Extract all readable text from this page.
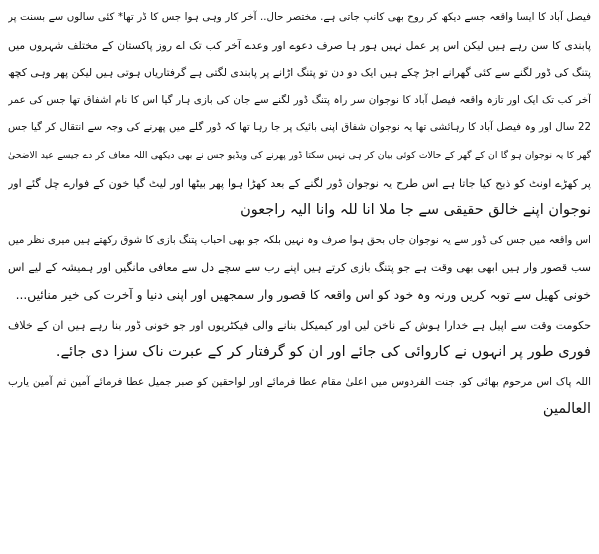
فیصل آباد کا ایسا واقعہ جسے دیکھ کر روح بھی کانپ جاتی ہے. مختصر حال.. آخر کار وہی ہوا جس کا ڈر تھا* کئی سالوں سے بسنت پر
پابندی کا سن رہے ہیں لیکن اس پر عمل نہیں ہور ہا صرف دعوے اور وعدے آخر کب تک اے روز پاکستان کے مختلف شہروں میں
پتنگ کی ڈور لگنے سے کئی گھرانے اجڑ چکے ہیں ایک دو دن تو پتنگ اڑانے پر پابندی لگتی ہے گرفتاریاں ہوتی ہیں لیکن پھر وہی کچھ
آخر کب تک ایک اور تازہ واقعہ فیصل آباد کا نوجوان سر راہ پتنگ ڈور لگنے سے جان کی بازی ہار گیا اس کا نام اشفاق تھا جس کی عمر
22 سال اور وہ فیصل آباد کا رہائشی تھا یہ نوجوان شفاق اپنی بائیک پر جا رہا تھا کہ ڈور گلے میں پھرنے کی وجہ سے انتقال کر گیا جس
گھر کا یہ نوجوان ہو گا ان کے گھر کے حالات کوئی بیان کر ہی نہیں سکتا ڈور پھرنے کی ویڈیو جس نے بھی دیکھی اللہ معاف کر دے جیسے عید الاضحیٰ
پر کھڑے اونٹ کو ذبح کیا جاتا ہے اس طرح یہ نوجوان ڈور لگنے کے بعد کھڑا ہوا پھر بیٹھا اور لیٹ گیا خون کے فوارے چل گئے اور
نوجوان اپنے خالق حقیقی سے جا ملا انا للہ وانا الیہ راجعون
اس واقعہ میں جس کی ڈور سے یہ نوجوان جاں بحق ہوا صرف وہ نہیں بلکہ جو بھی احباب پتنگ بازی کا شوق رکھتے ہیں میری نظر میں
سب قصور وار ہیں ابھی بھی وقت ہے جو پتنگ بازی کرتے ہیں اپنے رب سے سچے دل سے معافی مانگیں اور ہمیشہ کے لیے اس
خونی کھیل سے توبہ کریں ورنہ وہ خود کو اس واقعہ کا قصور وار سمجھیں اور اپنی دنیا و آخرت کی خیر منائیں...
حکومت وقت سے اپیل ہے خدارا ہوش کے ناخن لیں اور کیمیکل بنانے والی فیکٹریوں اور جو خونی ڈور بنا رہے ہیں ان کے خلاف
فوری طور پر انہوں نے کاروائی کی جائے اور ان کو گرفتار کر کے عبرت ناک سزا دی جائے.
اللہ پاک اس مرحوم بھائی کو. جنت الفردوس میں اعلیٰ مقام عطا فرمائے اور لواحقین کو صبر جمیل عطا فرمائے آمین ثم آمین یارب
العالمین
